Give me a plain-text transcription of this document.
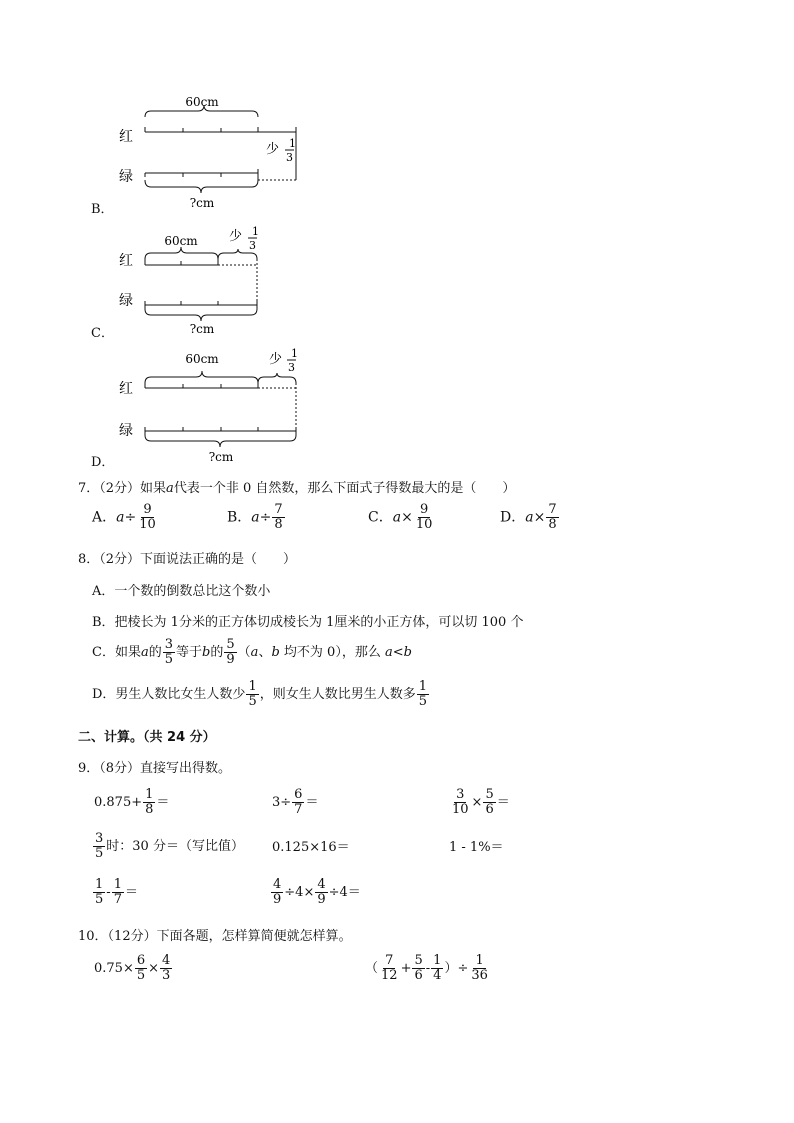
60cm
红
少 1
3
绿
?cm
B．
60cm 少 1
3
红
绿
?cm
C．
60cm	少 1
3
红
绿
?cm
D．
7．（2分）如果a代表一个非 0 自然数，那么下面式子得数最大的是（　　）
A．$a\div \frac{9}{10}$	B．$a\div \frac{7}{8}$	C．$a\times \frac{9}{10}$	D．$a\times \frac{7}{8}$
8．（2分）下面说法正确的是（　　）
A．一个数的倒数总比这个数小
B．把棱长为 1分米的正方体切成棱长为 1厘米的小正方体，可以切 100 个
C．如果a的 $\frac{3}{5}$ 等于b的 $\frac{5}{9} (a$、b 均不为 0），那么 a<b
D．男生人数比女生人数少 $\frac{1}{5}$ ，则女生人数比男生人数多 $\frac{1}{5}$
二、计算。（共 24 分）
9．（8分）直接写出得数。
$0.875+ \frac{1}{8}$ ＝	$3\div \frac{6}{7}$ ＝	$\frac{3}{10} \times \frac{5}{6}$ ＝
$\frac{3}{5}$ 时：30 分＝（写比值） 0.125×16＝	1 - 1%＝
$\frac{1}{5} - \frac{1}{7}$ ＝	$\frac{4}{9} \div 4\times \frac{4}{9} \div 4=$
10．（12分）下面各题，怎样算简便就怎样算。
$0.75\times \frac{6}{5} \times \frac{4}{3}$	（ $\frac{7}{12} + \frac{5}{6} - \frac{1}{4}$ ）÷ $\frac{1}{36}$
